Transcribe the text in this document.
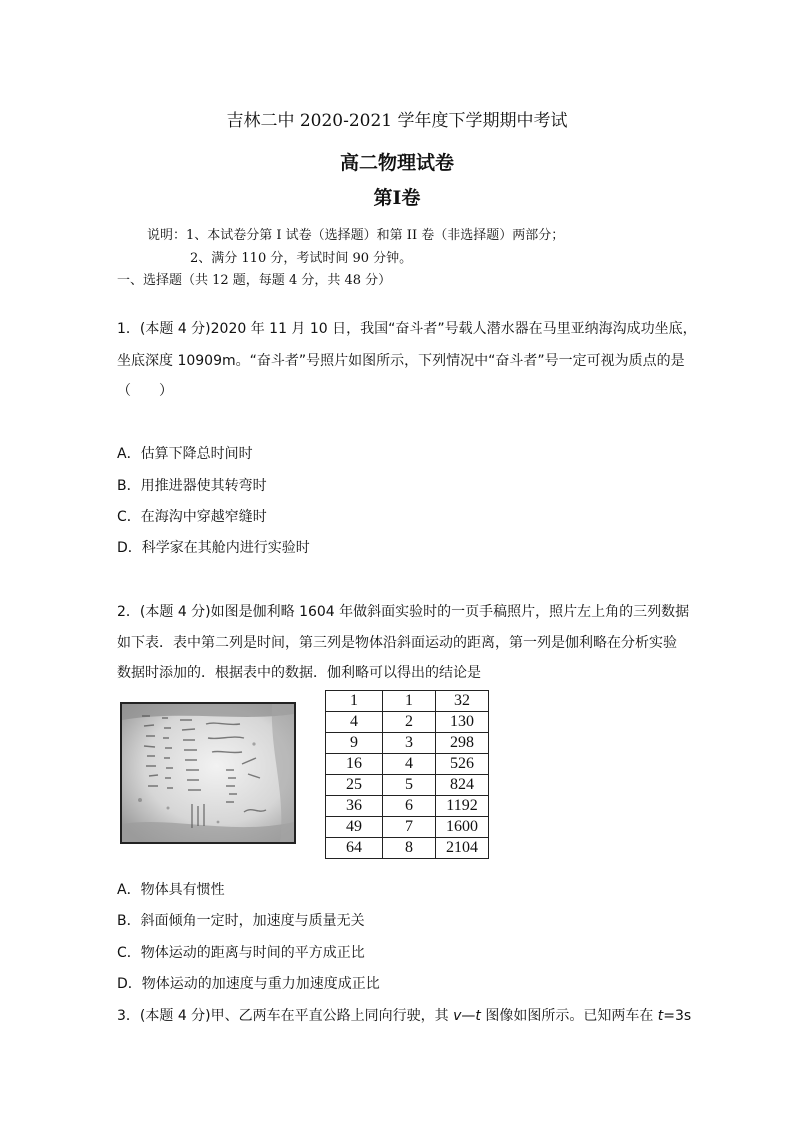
吉林二中 2020-2021 学年度下学期期中考试
高二物理试卷
第Ⅰ卷
说明：1、本试卷分第 I 试卷（选择题）和第 II 卷（非选择题）两部分；
2、满分 110 分，考试时间 90 分钟。
一、选择题（共 12 题，每题 4 分，共 48 分）
1．(本题 4 分)2020 年 11 月 10 日，我国“奋斗者”号载人潜水器在马里亚纳海沟成功坐底，
坐底深度 10909m。“奋斗者”号照片如图所示，下列情况中“奋斗者”号一定可视为质点的是
（　　）
A．估算下降总时间时
B．用推进器使其转弯时
C．在海沟中穿越窄缝时
D．科学家在其舱内进行实验时
2．(本题 4 分)如图是伽利略 1604 年做斜面实验时的一页手稿照片，照片左上角的三列数据
如下表．表中第二列是时间，第三列是物体沿斜面运动的距离，第一列是伽利略在分析实验
数据时添加的．根据表中的数据．伽利略可以得出的结论是
1	1	32
4	2	130
9	3	298
16	4	526
25	5	824
36	6	1192
49	7	1600
64	8	2104
A．物体具有惯性
B．斜面倾角一定时，加速度与质量无关
C．物体运动的距离与时间的平方成正比
D．物体运动的加速度与重力加速度成正比
3．(本题 4 分)甲、乙两车在平直公路上同向行驶，其 v—t 图像如图所示。已知两车在 t=3s
